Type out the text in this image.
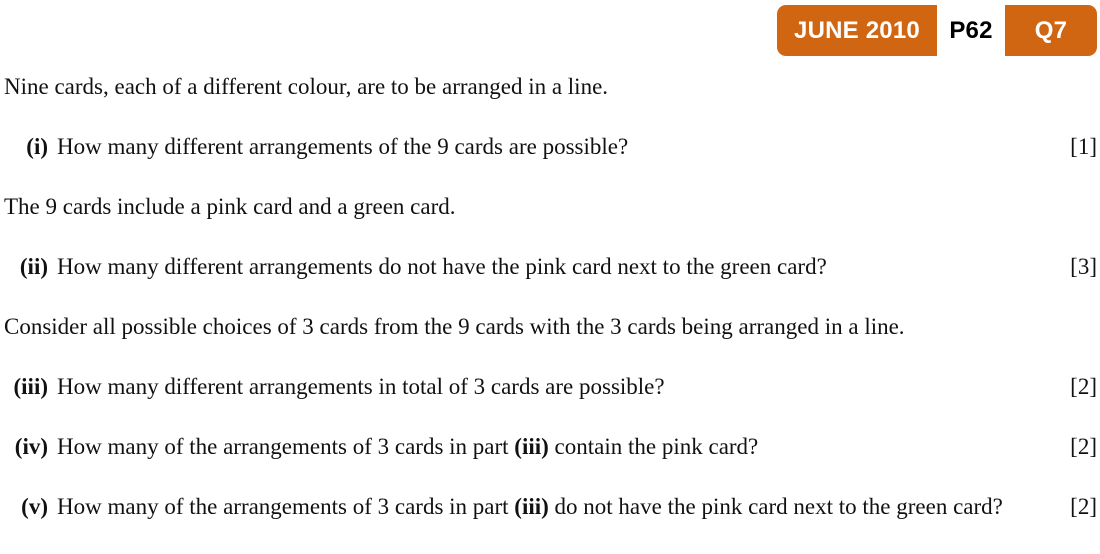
JUNE 2010	P62	Q7

Nine cards, each of a different colour, are to be arranged in a line.

(i) How many different arrangements of the 9 cards are possible?	[1]

The 9 cards include a pink card and a green card.

(ii) How many different arrangements do not have the pink card next to the green card?	[3]

Consider all possible choices of 3 cards from the 9 cards with the 3 cards being arranged in a line.

(iii) How many different arrangements in total of 3 cards are possible?	[2]
(iv) How many of the arrangements of 3 cards in part (iii) contain the pink card?	[2]
(v) How many of the arrangements of 3 cards in part (iii) do not have the pink card next to the green card?	[2]
